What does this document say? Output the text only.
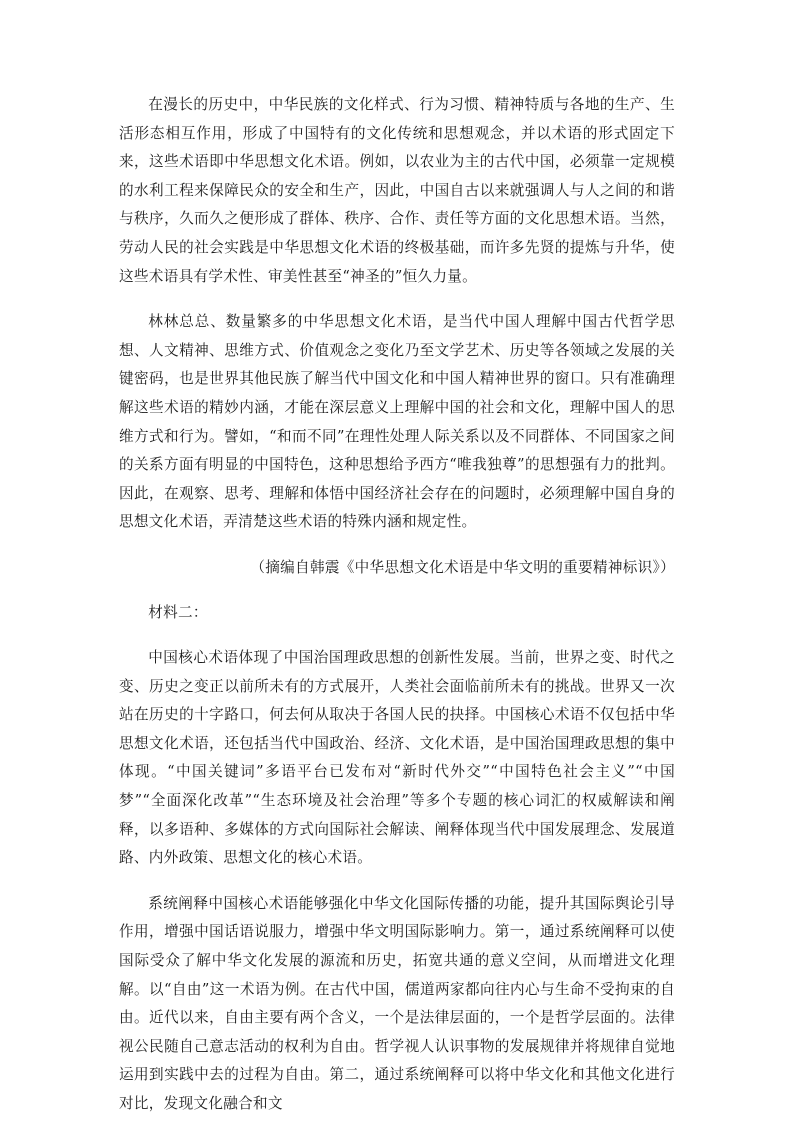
在漫长的历史中，中华民族的文化样式、行为习惯、精神特质与各地的生产、生活形态相互作用，形成了中国特有的文化传统和思想观念，并以术语的形式固定下来，这些术语即中华思想文化术语。例如，以农业为主的古代中国，必须靠一定规模的水利工程来保障民众的安全和生产，因此，中国自古以来就强调人与人之间的和谐与秩序，久而久之便形成了群体、秩序、合作、责任等方面的文化思想术语。当然，劳动人民的社会实践是中华思想文化术语的终极基础，而许多先贤的提炼与升华，使这些术语具有学术性、审美性甚至“神圣的”恒久力量。

林林总总、数量繁多的中华思想文化术语，是当代中国人理解中国古代哲学思想、人文精神、思维方式、价值观念之变化乃至文学艺术、历史等各领域之发展的关键密码，也是世界其他民族了解当代中国文化和中国人精神世界的窗口。只有准确理解这些术语的精妙内涵，才能在深层意义上理解中国的社会和文化，理解中国人的思维方式和行为。譬如，“和而不同”在理性处理人际关系以及不同群体、不同国家之间的关系方面有明显的中国特色，这种思想给予西方“唯我独尊”的思想强有力的批判。因此，在观察、思考、理解和体悟中国经济社会存在的问题时，必须理解中国自身的思想文化术语，弄清楚这些术语的特殊内涵和规定性。

（摘编自韩震《中华思想文化术语是中华文明的重要精神标识》）

材料二：

中国核心术语体现了中国治国理政思想的创新性发展。当前，世界之变、时代之变、历史之变正以前所未有的方式展开，人类社会面临前所未有的挑战。世界又一次站在历史的十字路口，何去何从取决于各国人民的抉择。中国核心术语不仅包括中华思想文化术语，还包括当代中国政治、经济、文化术语，是中国治国理政思想的集中体现。“中国关键词”多语平台已发布对“新时代外交”“中国特色社会主义”“中国梦”“全面深化改革”“生态环境及社会治理”等多个专题的核心词汇的权威解读和阐释，以多语种、多媒体的方式向国际社会解读、阐释体现当代中国发展理念、发展道路、内外政策、思想文化的核心术语。

系统阐释中国核心术语能够强化中华文化国际传播的功能，提升其国际舆论引导作用，增强中国话语说服力，增强中华文明国际影响力。第一，通过系统阐释可以使国际受众了解中华文化发展的源流和历史，拓宽共通的意义空间，从而增进文化理解。以“自由”这一术语为例。在古代中国，儒道两家都向往内心与生命不受拘束的自由。近代以来，自由主要有两个含义，一个是法律层面的，一个是哲学层面的。法律视公民随自己意志活动的权利为自由。哲学视人认识事物的发展规律并将规律自觉地运用到实践中去的过程为自由。第二，通过系统阐释可以将中华文化和其他文化进行对比，发现文化融合和文
